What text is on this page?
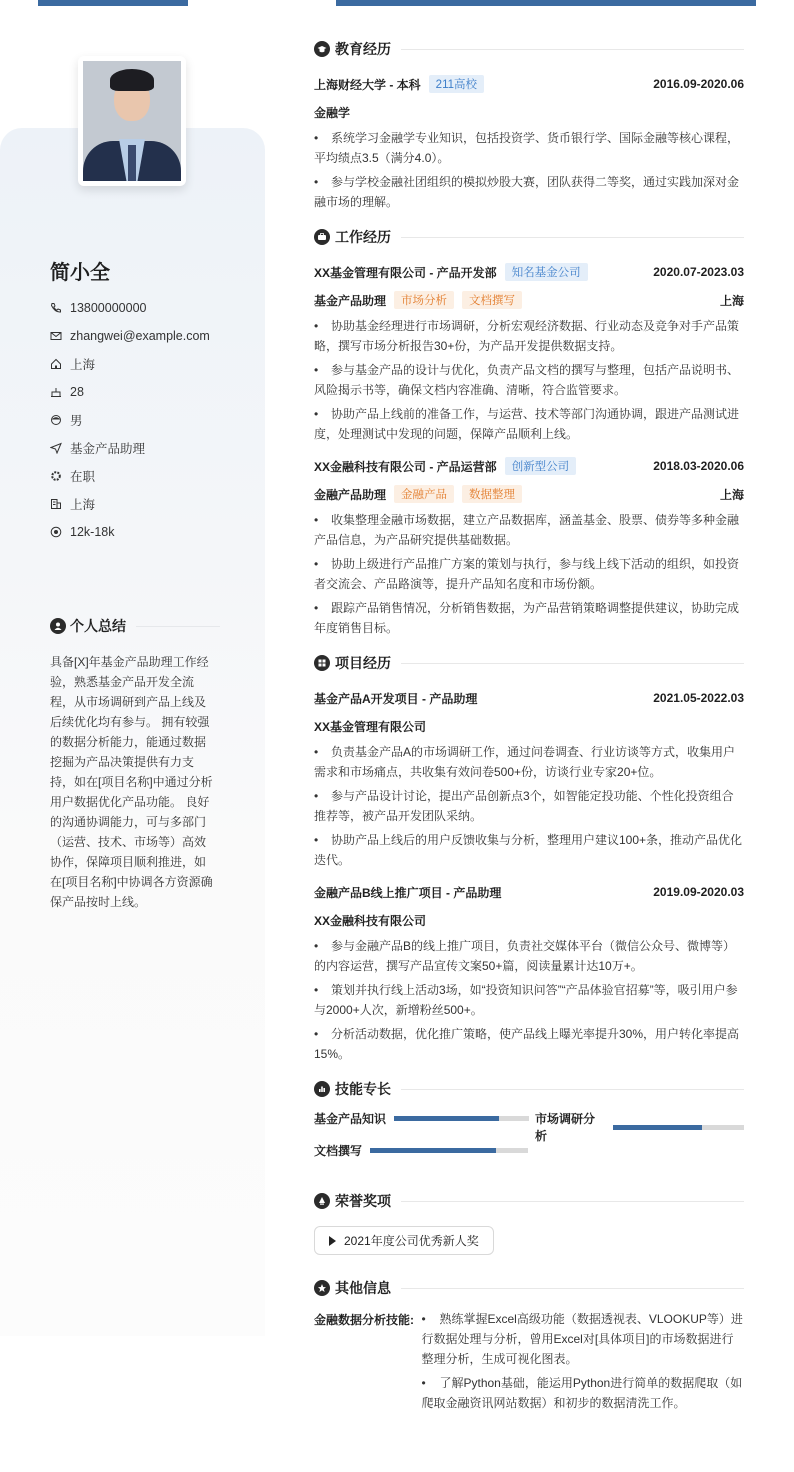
简小全
13800000000
zhangwei@example.com
上海
28
男
基金产品助理
在职
上海
12k-18k
个人总结
具备[X]年基金产品助理工作经验，熟悉基金产品开发全流程，从市场调研到产品上线及后续优化均有参与。 拥有较强的数据分析能力，能通过数据挖掘为产品决策提供有力支持，如在[项目名称]中通过分析用户数据优化产品功能。 良好的沟通协调能力，可与多部门（运营、技术、市场等）高效协作，保障项目顺利推进，如在[项目名称]中协调各方资源确保产品按时上线。
教育经历
上海财经大学 - 本科	211高校	2016.09-2020.06
金融学
• 系统学习金融学专业知识，包括投资学、货币银行学、国际金融等核心课程，平均绩点3.5（满分4.0）。
• 参与学校金融社团组织的模拟炒股大赛，团队获得二等奖，通过实践加深对金融市场的理解。
工作经历
XX基金管理有限公司 - 产品开发部	知名基金公司	2020.07-2023.03
基金产品助理	市场分析	文档撰写	上海
• 协助基金经理进行市场调研，分析宏观经济数据、行业动态及竞争对手产品策略，撰写市场分析报告30+份，为产品开发提供数据支持。
• 参与基金产品的设计与优化，负责产品文档的撰写与整理，包括产品说明书、风险揭示书等，确保文档内容准确、清晰，符合监管要求。
• 协助产品上线前的准备工作，与运营、技术等部门沟通协调，跟进产品测试进度，处理测试中发现的问题，保障产品顺利上线。
XX金融科技有限公司 - 产品运营部	创新型公司	2018.03-2020.06
金融产品助理	金融产品	数据整理	上海
• 收集整理金融市场数据，建立产品数据库，涵盖基金、股票、债券等多种金融产品信息，为产品研究提供基础数据。
• 协助上级进行产品推广方案的策划与执行，参与线上线下活动的组织，如投资者交流会、产品路演等，提升产品知名度和市场份额。
• 跟踪产品销售情况，分析销售数据，为产品营销策略调整提供建议，协助完成年度销售目标。
项目经历
基金产品A开发项目 - 产品助理	2021.05-2022.03
XX基金管理有限公司
• 负责基金产品A的市场调研工作，通过问卷调查、行业访谈等方式，收集用户需求和市场痛点，共收集有效问卷500+份，访谈行业专家20+位。
• 参与产品设计讨论，提出产品创新点3个，如智能定投功能、个性化投资组合推荐等，被产品开发团队采纳。
• 协助产品上线后的用户反馈收集与分析，整理用户建议100+条，推动产品优化迭代。
金融产品B线上推广项目 - 产品助理	2019.09-2020.03
XX金融科技有限公司
• 参与金融产品B的线上推广项目，负责社交媒体平台（微信公众号、微博等）的内容运营，撰写产品宣传文案50+篇，阅读量累计达10万+。
• 策划并执行线上活动3场，如“投资知识问答”“产品体验官招募”等，吸引用户参与2000+人次，新增粉丝500+。
• 分析活动数据，优化推广策略，使产品线上曝光率提升30%，用户转化率提高15%。
技能专长
基金产品知识	市场调研分析
文档撰写
荣誉奖项
2021年度公司优秀新人奖
其他信息
金融数据分析技能:	• 熟练掌握Excel高级功能（数据透视表、VLOOKUP等）进行数据处理与分析，曾用Excel对[具体项目]的市场数据进行整理分析，生成可视化图表。
• 了解Python基础，能运用Python进行简单的数据爬取（如爬取金融资讯网站数据）和初步的数据清洗工作。
